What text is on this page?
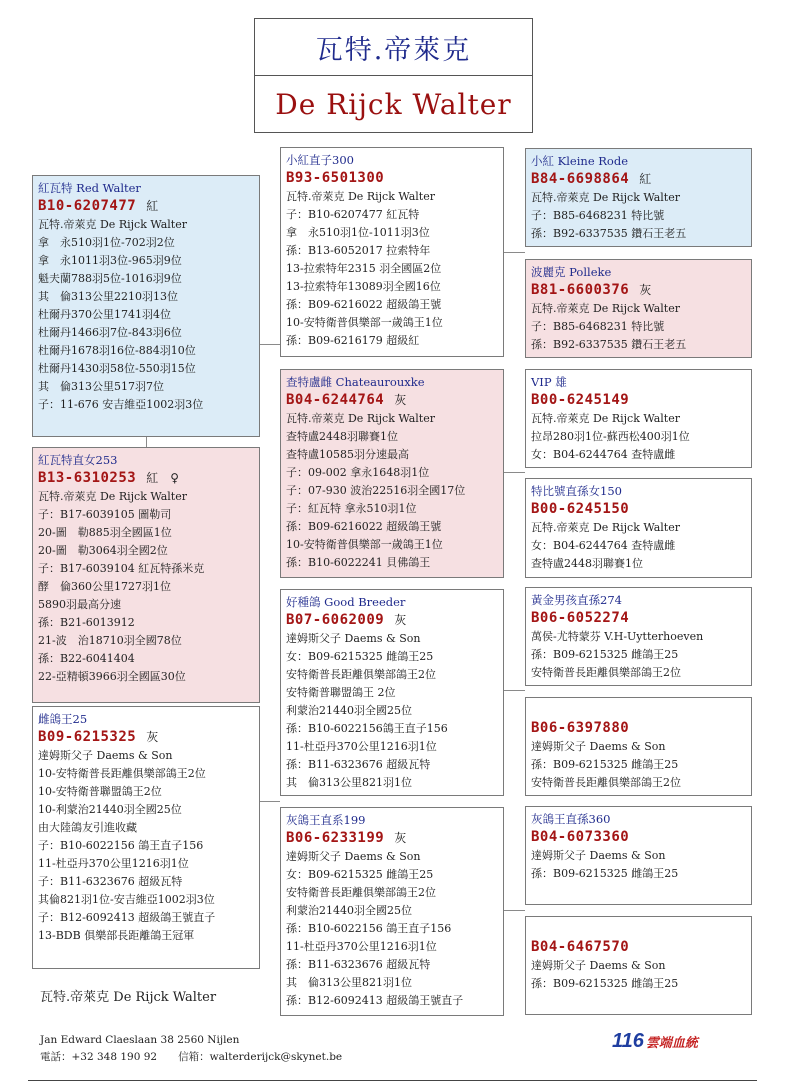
瓦特.帝萊克
De Rijck Walter
紅瓦特 Red Walter
B10-6207477 紅
瓦特.帝萊克 De Rijck Walter
拿　永510羽1位-702羽2位
拿　永1011羽3位-965羽9位
魁夫蘭788羽5位-1016羽9位
其　倫313公里2210羽13位
杜爾丹370公里1741羽4位
杜爾丹1466羽7位-843羽6位
杜爾丹1678羽16位-884羽10位
杜爾丹1430羽58位-550羽15位
其　倫313公里517羽7位
子：11-676 安吉維亞1002羽3位
紅瓦特直女253
B13-6310253 紅　♀
瓦特.帝萊克 De Rijck Walter
子：B17-6039105 圖勒司
20-圖　勒885羽全國區1位
20-圖　勒3064羽全國2位
子：B17-6039104 紅瓦特孫米克
酵　倫360公里1727羽1位
5890羽最高分速
孫：B21-6013912
21-波　治18710羽全國78位
孫：B22-6041404
22-亞精頓3966羽全國區30位
雌鴿王25
B09-6215325 灰
達姆斯父子 Daems & Son
10-安特衛普長距離俱樂部鴿王2位
10-安特衛普聯盟鴿王2位
10-利蒙治21440羽全國25位
由大陸鴿友引進收藏
子：B10-6022156 鴿王直子156
11-杜亞丹370公里1216羽1位
子：B11-6323676 超級瓦特
其倫821羽1位-安吉維亞1002羽3位
子：B12-6092413 超級鴿王號直子
13-BDB 俱樂部長距離鴿王冠軍
小紅直子300
B93-6501300
瓦特.帝萊克 De Rijck Walter
子：B10-6207477 紅瓦特
拿　永510羽1位-1011羽3位
孫：B13-6052017 拉索特年
13-拉索特年2315 羽全國區2位
13-拉索特年13089羽全國16位
孫：B09-6216022 超級鴿王號
10-安特衛普俱樂部一歲鴿王1位
孫：B09-6216179 超級紅
查特盧雌 Chateaurouxke
B04-6244764 灰
瓦特.帝萊克 De Rijck Walter
查特盧2448羽聯賽1位
查特盧10585羽分速最高
子：09-002 拿永1648羽1位
子：07-930 波治22516羽全國17位
子：紅瓦特 拿永510羽1位
孫：B09-6216022 超級鴿王號
10-安特衛普俱樂部一歲鴿王1位
孫：B10-6022241 貝佛鴿王
好種鴿 Good Breeder
B07-6062009 灰
達姆斯父子 Daems & Son
女：B09-6215325 雌鴿王25
安特衛普長距離俱樂部鴿王2位
安特衛普聯盟鴿王 2位
利蒙治21440羽全國25位
孫：B10-6022156鴿王直子156
11-杜亞丹370公里1216羽1位
孫：B11-6323676 超級瓦特
其　倫313公里821羽1位
灰鴿王直系199
B06-6233199 灰
達姆斯父子 Daems & Son
女：B09-6215325 雌鴿王25
安特衛普長距離俱樂部鴿王2位
利蒙治21440羽全國25位
孫：B10-6022156 鴿王直子156
11-杜亞丹370公里1216羽1位
孫：B11-6323676 超級瓦特
其　倫313公里821羽1位
孫：B12-6092413 超級鴿王號直子
小紅 Kleine Rode
B84-6698864 紅
瓦特.帝萊克 De Rijck Walter
子：B85-6468231 特比號
孫：B92-6337535 鑽石王老五
波麗克 Polleke
B81-6600376 灰
瓦特.帝萊克 De Rijck Walter
子：B85-6468231 特比號
孫：B92-6337535 鑽石王老五
VIP 雄
B00-6245149
瓦特.帝萊克 De Rijck Walter
拉昂280羽1位-蘇西松400羽1位
女：B04-6244764 查特盧雌
特比號直孫女150
B00-6245150
瓦特.帝萊克 De Rijck Walter
女：B04-6244764 查特盧雌
查特盧2448羽聯賽1位
黃金男孩直孫274
B06-6052274
萬侯-尤特蒙芬 V.H-Uytterhoeven
孫：B09-6215325 雌鴿王25
安特衛普長距離俱樂部鴿王2位
B06-6397880
達姆斯父子 Daems & Son
孫：B09-6215325 雌鴿王25
安特衛普長距離俱樂部鴿王2位
灰鴿王直孫360
B04-6073360
達姆斯父子 Daems & Son
孫：B09-6215325 雌鴿王25
B04-6467570
達姆斯父子 Daems & Son
孫：B09-6215325 雌鴿王25
瓦特.帝萊克 De Rijck Walter
Jan Edward Claeslaan 38 2560 Nijlen
電話：+32 348 190 92　　信箱：walterderijck@skynet.be
116 雲端血統
